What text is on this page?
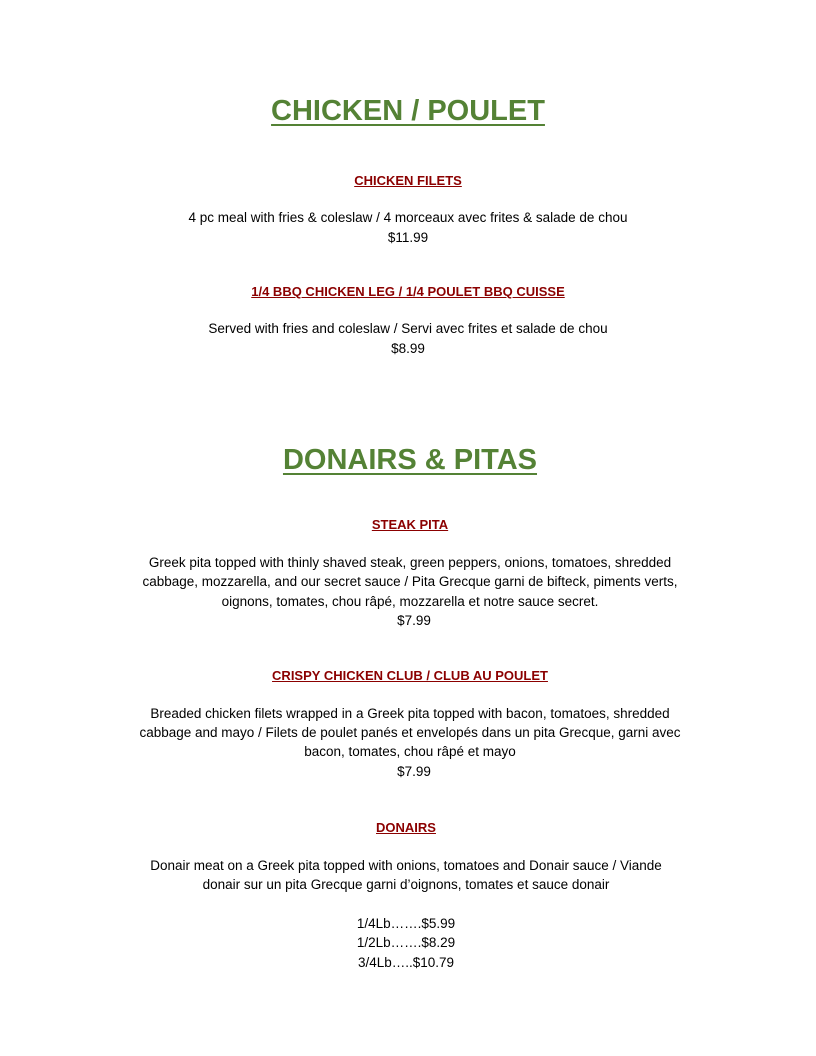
CHICKEN / POULET
CHICKEN FILETS
4 pc meal with fries & coleslaw / 4 morceaux avec frites & salade de chou
$11.99
1/4 BBQ CHICKEN LEG / 1/4 POULET BBQ CUISSE
Served with fries and coleslaw / Servi avec frites et salade de chou
$8.99
DONAIRS & PITAS
STEAK PITA
Greek pita topped with thinly shaved steak, green peppers, onions, tomatoes, shredded
cabbage, mozzarella, and our secret sauce / Pita Grecque garni de bifteck, piments verts,
oignons, tomates, chou râpé, mozzarella et notre sauce secret.
$7.99
CRISPY CHICKEN CLUB / CLUB AU POULET
Breaded chicken filets wrapped in a Greek pita topped with bacon, tomatoes, shredded
cabbage and mayo / Filets de poulet panés et envelopés dans un pita Grecque, garni avec
bacon, tomates, chou râpé et mayo
$7.99
DONAIRS
Donair meat on a Greek pita topped with onions, tomatoes and Donair sauce / Viande
donair sur un pita Grecque garni d’oignons, tomates et sauce donair
1/4Lb…….$5.99
1/2Lb…….$8.29
3/4Lb…..$10.79
